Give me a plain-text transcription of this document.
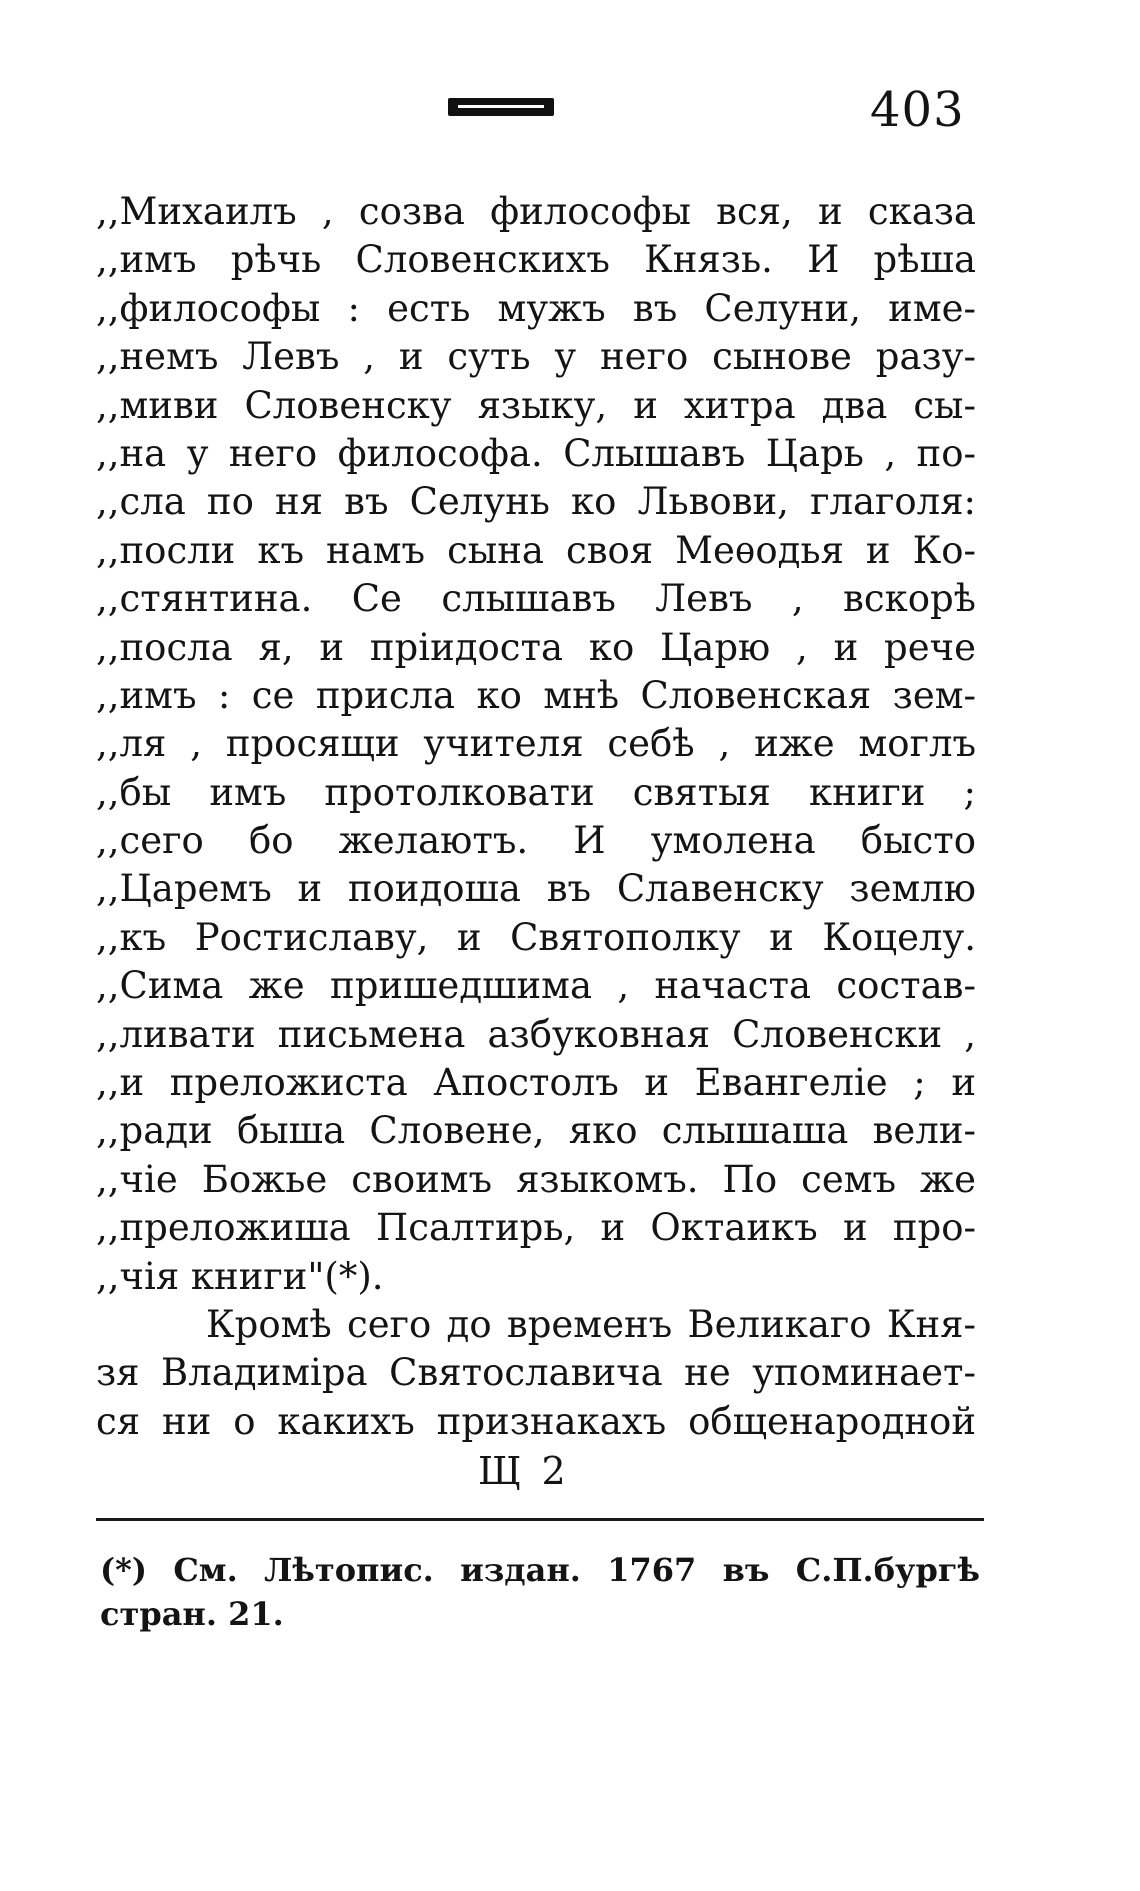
403
,,Михаилъ , созва философы вся, и сказа
,,имъ рѣчь Словенскихъ Князь. И рѣша
,,философы : есть мужъ въ Селуни, име-
,,немъ Левъ , и суть у него сынове разу-
,,миви Словенску языку, и хитра два сы-
,,на у него философа. Слышавъ Царь , по-
,,сла по ня въ Селунь ко Львови, глаголя:
,,посли къ намъ сына своя Меѳодья и Ко-
,,стянтина. Се слышавъ Левъ , вскорѣ
,,посла я, и пріидоста ко Царю , и рече
,,имъ : се присла ко мнѣ Словенская зем-
,,ля , просящи учителя себѣ , иже моглъ
,,бы имъ протолковати святыя книги ;
,,сего бо желаютъ. И умолена бысто
,,Царемъ и поидоша въ Славенску землю
,,къ Ростиславу, и Святополку и Коцелу.
,,Сима же пришедшима , начаста состав-
,,ливати письмена азбуковная Словенски ,
,,и преложиста Апостолъ и Евангеліе ; и
,,ради быша Словене, яко слышаша вели-
,,чіе Божье своимъ языкомъ. По семъ же
,,преложиша Псалтирь, и Октаикъ и про-
,,чія книги"(*).
Кромѣ сего до временъ Великаго Кня-
зя Владиміра Святославича не упоминает-
ся ни о какихъ признакахъ общенародной
Щ 2
(*) См. Лѣтопис. издан. 1767 въ С.П.бургѣ
стран. 21.
